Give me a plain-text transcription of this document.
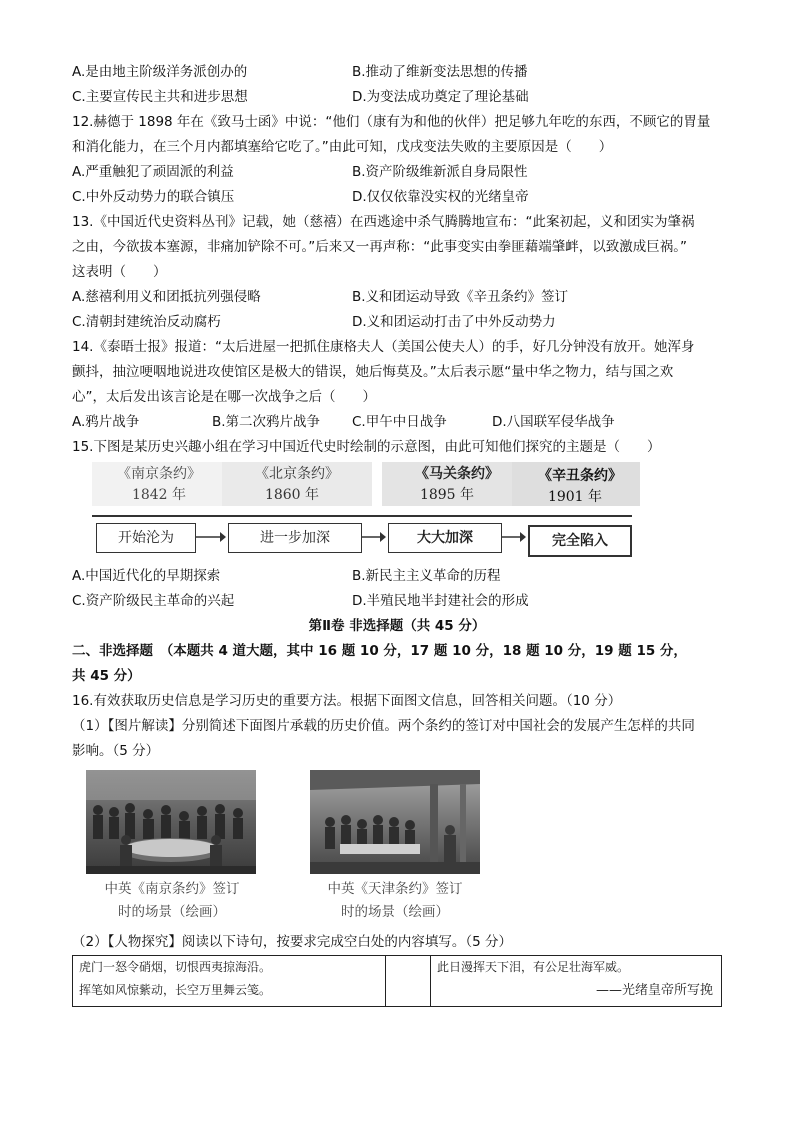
A.是由地主阶级洋务派创办的	B.推动了维新变法思想的传播
C.主要宣传民主共和进步思想	D.为变法成功奠定了理论基础
12.赫德于 1898 年在《致马士函》中说：“他们（康有为和他的伙伴）把足够九年吃的东西，不顾它的胃量
和消化能力，在三个月内都填塞给它吃了。”由此可知，戊戌变法失败的主要原因是（　　）
A.严重触犯了顽固派的利益	B.资产阶级维新派自身局限性
C.中外反动势力的联合镇压	D.仅仅依靠没实权的光绪皇帝
13.《中国近代史资料丛刊》记载，她（慈禧）在西逃途中杀气腾腾地宣布：“此案初起，义和团实为肇祸
之由，今欲拔本塞源，非痛加铲除不可。”后来又一再声称：“此事变实由拳匪藉端肇衅，以致激成巨祸。”
这表明（　　）
A.慈禧利用义和团抵抗列强侵略	B.义和团运动导致《辛丑条约》签订
C.清朝封建统治反动腐朽	D.义和团运动打击了中外反动势力
14.《泰晤士报》报道：“太后进屋一把抓住康格夫人（美国公使夫人）的手，好几分钟没有放开。她浑身
颤抖，抽泣哽咽地说进攻使馆区是极大的错误，她后悔莫及。”太后表示愿“量中华之物力，结与国之欢
心”，太后发出该言论是在哪一次战争之后（　　）
A.鸦片战争	B.第二次鸦片战争 C.甲午中日战争	D.八国联军侵华战争
15.下图是某历史兴趣小组在学习中国近代史时绘制的示意图，由此可知他们探究的主题是（　　）
《南京条约》
1842 年
《北京条约》
1860 年
《马关条约》
1895 年
《辛丑条约》
1901 年
开始沦为	进一步加深	大大加深	完全陷入
A.中国近代化的早期探索	B.新民主主义革命的历程
C.资产阶级民主革命的兴起	D.半殖民地半封建社会的形成
第Ⅱ卷 非选择题（共 45 分）
二、非选择题　（本题共 4 道大题，其中 16 题 10 分，17 题 10 分，18 题 10 分，19 题 15 分，
共 45 分）
16.有效获取历史信息是学习历史的重要方法。根据下面图文信息，回答相关问题。（10 分）
（1）【图片解读】分别简述下面图片承载的历史价值。两个条约的签订对中国社会的发展产生怎样的共同
影响。（5 分）
中英《南京条约》签订
时的场景（绘画）
中英《天津条约》签订
时的场景（绘画）
（2）【人物探究】阅读以下诗句，按要求完成空白处的内容填写。（5 分）
虎门一怒令硝烟，切恨西夷掠海沿。
挥笔如风惊紫动，长空万里舞云笺。
此日漫挥天下泪，有公足壮海军威。
——光绪皇帝所写挽
